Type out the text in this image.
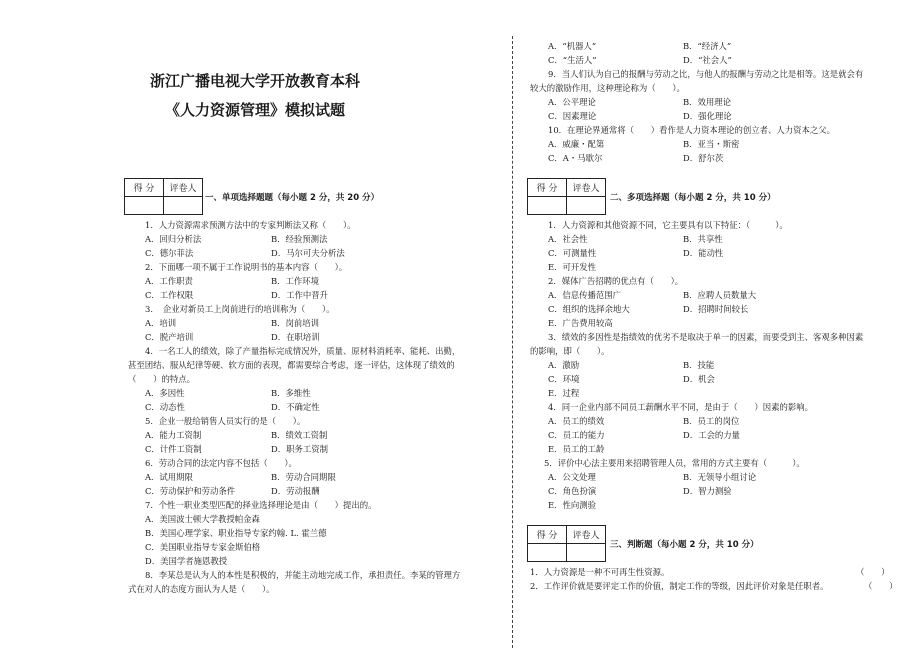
浙江广播电视大学开放教育本科
《人力资源管理》模拟试题
得 分	评卷人

一、单项选择题题（每小题 2 分，共 20 分）
1．人力资源需求预测方法中的专家判断法又称（　　）。
A．回归分析法	B．经验预测法
C．德尔菲法	D．马尔可夫分析法
2．下面哪一项不属于工作说明书的基本内容（　　）。
A．工作职责	B．工作环境
C．工作权限	D．工作中晋升
3．　企业对新员工上岗前进行的培训称为（　　）。
A．培训	B．岗前培训
C．脱产培训	D．在职培训
4．一名工人的绩效，除了产量指标完成情况外，质量、原材料消耗率、能耗、出勤，
甚至团结、服从纪律等硬、软方面的表现，都需要综合考虑，逐一评估，这体现了绩效的
（　　）的特点。
A．多因性	B．多维性
C．动态性	D．不确定性
5．企业一般给销售人员实行的是（　　）。
A．能力工资制	B．绩效工资制
C．计件工资制	D．职务工资制
6．劳动合同的法定内容不包括（　　）。
A．试用期限	B．劳动合同期限
C．劳动保护和劳动条件	D．劳动报酬
7．个性一职业类型匹配的择业选择理论是由（　　）提出的。
A．美国波士顿大学教授帕金森
B．美国心理学家、职业指导专家约翰. L. 霍兰德
C．美国职业指导专家金斯伯格
D．美国学者施恩教授
8．李某总是认为人的本性是积极的，并能主动地完成工作，承担责任。李某的管理方
式在对人的态度方面认为人是（　　）。
A．“机器人”	B．“经济人”
C．“生活人”	D．“社会人”
9．当人们认为自己的报酬与劳动之比，与他人的报酬与劳动之比是相等。这是就会有
较大的激励作用，这种理论称为（　　）。
A．公平理论	B．效用理论
C．因素理论	D．强化理论
10．在理论界通常将（　　）看作是人力资本理论的创立者、人力资本之父。
A．威廉・配第	B．亚当・斯密
C．A・马歇尔	D．舒尔茨
得 分	评卷人

二、多项选择题（每小题 2 分，共 10 分）
1．人力资源和其他资源不同，它主要具有以下特征：（　　　）。
A．社会性	B．共享性
C．可测量性	D．能动性
E．可开发性
2．媒体广告招聘的优点有（　　）。
A．信息传播范围广	B．应聘人员数量大
C．组织的选择余地大	D．招聘时间较长
E．广告费用较高
3．绩效的多因性是指绩效的优劣不是取决于单一的因素，而要受到主、客观多种因素
的影响，即（　　）。
A．激励	B．技能
C．环境	D．机会
E．过程
4．同一企业内部不同员工薪酬水平不同，是由于（　　）因素的影响。
A．员工的绩效	B．员工的岗位
C．员工的能力	D．工会的力量
E．员工的工龄
5．评价中心法主要用来招聘管理人员，常用的方式主要有（　　　）。
A．公文处理	B．无领导小组讨论
C．角色扮演	D．智力测验
E．性向测验
得 分	评卷人

三、判断题（每小题 2 分，共 10 分）
1．人力资源是一种不可再生性资源。	（　　）
2．工作评价就是要评定工作的价值，制定工作的等级，因此评价对象是任职者。	（　　）
